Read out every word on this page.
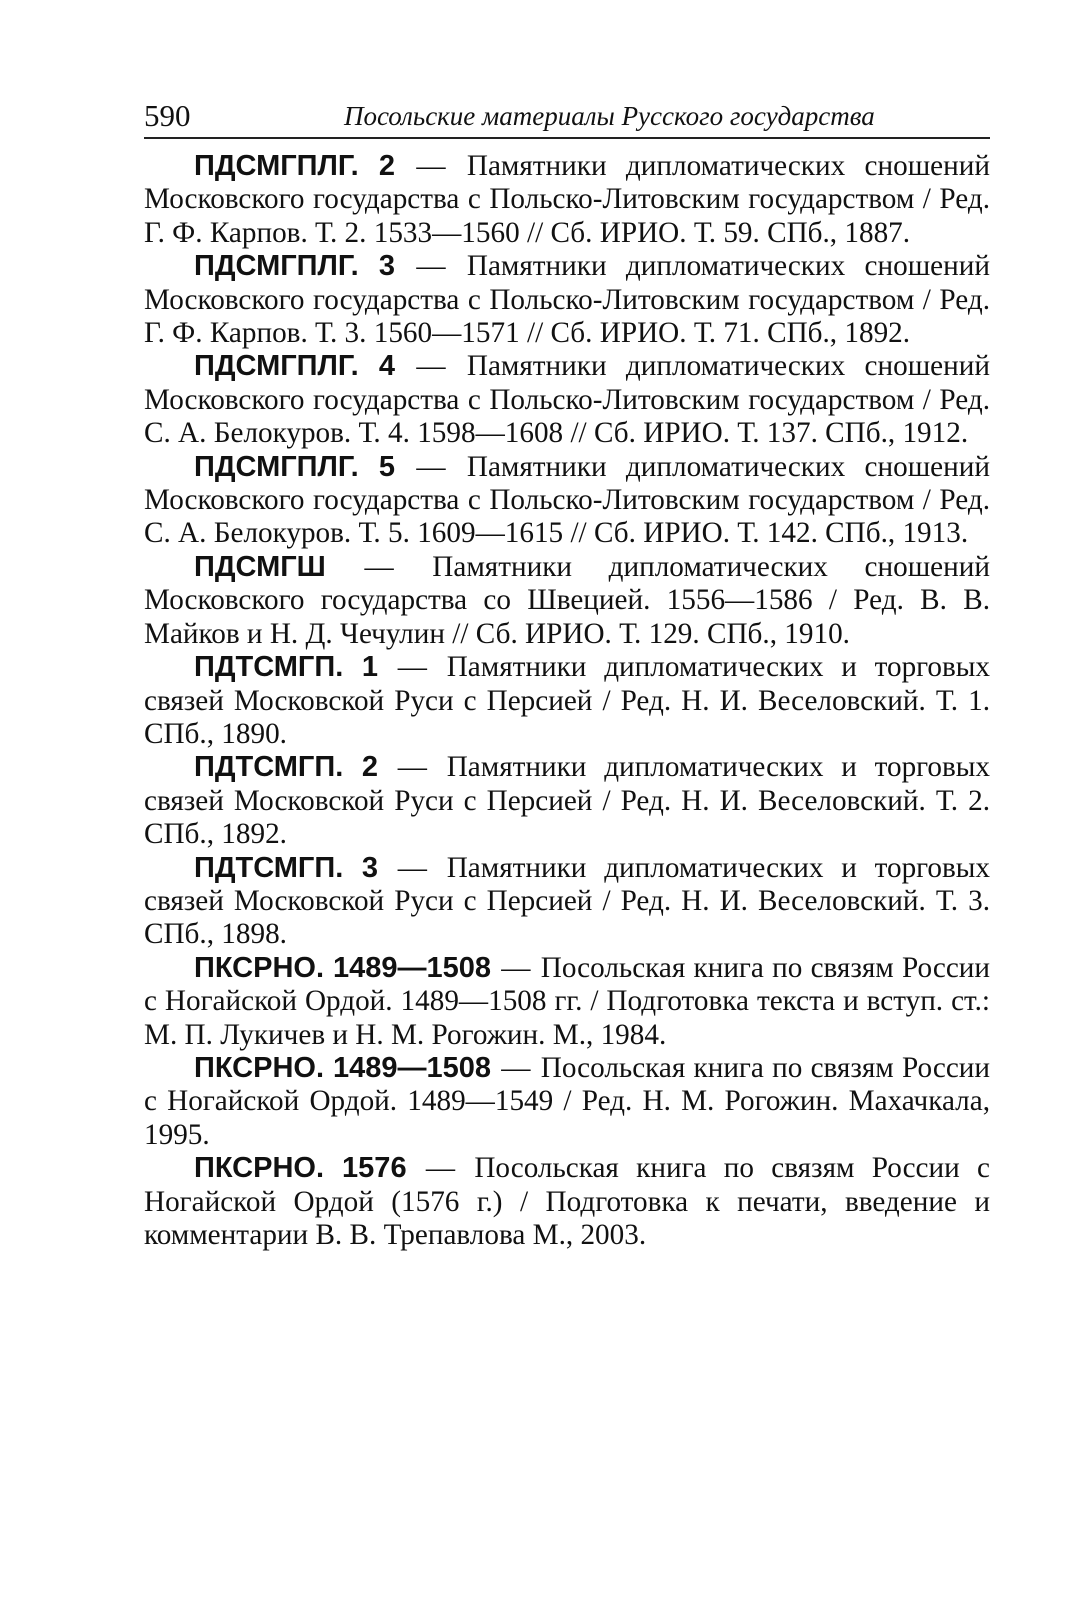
590	Посольские материалы Русского государства

ПДСМГПЛГ. 2 — Памятники дипломатических сношений Московского государства с Польско-Литовским государством / Ред. Г. Ф. Карпов. Т. 2. 1533—1560 // Сб. ИРИО. Т. 59. СПб., 1887.

ПДСМГПЛГ. 3 — Памятники дипломатических сношений Московского государства с Польско-Литовским государством / Ред. Г. Ф. Карпов. Т. 3. 1560—1571 // Сб. ИРИО. Т. 71. СПб., 1892.

ПДСМГПЛГ. 4 — Памятники дипломатических сношений Московского государства с Польско-Литовским государством / Ред. С. А. Белокуров. Т. 4. 1598—1608 // Сб. ИРИО. Т. 137. СПб., 1912.

ПДСМГПЛГ. 5 — Памятники дипломатических сношений Московского государства с Польско-Литовским государством / Ред. С. А. Белокуров. Т. 5. 1609—1615 // Сб. ИРИО. Т. 142. СПб., 1913.

ПДСМГШ — Памятники дипломатических сношений Московского государства со Швецией. 1556—1586 / Ред. В. В. Майков и Н. Д. Чечулин // Сб. ИРИО. Т. 129. СПб., 1910.

ПДТСМГП. 1 — Памятники дипломатических и торговых связей Московской Руси с Персией / Ред. Н. И. Веселовский. Т. 1. СПб., 1890.

ПДТСМГП. 2 — Памятники дипломатических и торговых связей Московской Руси с Персией / Ред. Н. И. Веселовский. Т. 2. СПб., 1892.

ПДТСМГП. 3 — Памятники дипломатических и торговых связей Московской Руси с Персией / Ред. Н. И. Веселовский. Т. 3. СПб., 1898.

ПКСРНО. 1489—1508 — Посольская книга по связям России с Ногайской Ордой. 1489—1508 гг. / Подготовка текста и вступ. ст.: М. П. Лукичев и Н. М. Рогожин. М., 1984.

ПКСРНО. 1489—1508 — Посольская книга по связям России с Ногайской Ордой. 1489—1549 / Ред. Н. М. Рогожин. Махачкала, 1995.

ПКСРНО. 1576 — Посольская книга по связям России с Ногайской Ордой (1576 г.) / Подготовка к печати, введение и комментарии В. В. Трепавлова М., 2003.
